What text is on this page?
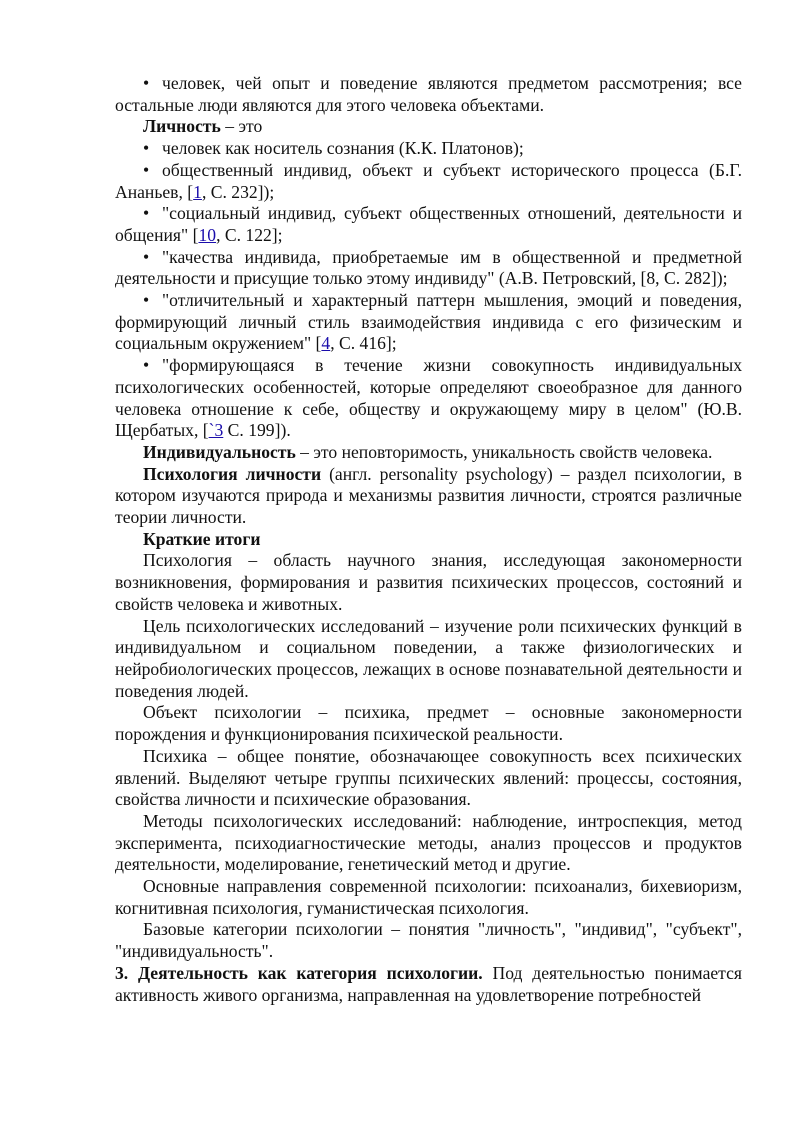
• человек, чей опыт и поведение являются предметом рассмотрения; все остальные люди являются для этого человека объектами.

Личность – это

• человек как носитель сознания (К.К. Платонов);

• общественный индивид, объект и субъект исторического процесса (Б.Г. Ананьев, [1, С. 232]);

• "социальный индивид, субъект общественных отношений, деятельности и общения" [10, С. 122];

• "качества индивида, приобретаемые им в общественной и предметной деятельности и присущие только этому индивиду" (А.В. Петровский, [8, С. 282]);

• "отличительный и характерный паттерн мышления, эмоций и поведения, формирующий личный стиль взаимодействия индивида с его физическим и социальным окружением" [4, С. 416];

• "формирующаяся в течение жизни совокупность индивидуальных психологических особенностей, которые определяют своеобразное для данного человека отношение к себе, обществу и окружающему миру в целом" (Ю.В. Щербатых, [`3 С. 199]).

Индивидуальность – это неповторимость, уникальность свойств человека.

Психология личности (англ. personality psychology) – раздел психологии, в котором изучаются природа и механизмы развития личности, строятся различные теории личности.

Краткие итоги

Психология – область научного знания, исследующая закономерности возникновения, формирования и развития психических процессов, состояний и свойств человека и животных.

Цель психологических исследований – изучение роли психических функций в индивидуальном и социальном поведении, а также физиологических и нейробиологических процессов, лежащих в основе познавательной деятельности и поведения людей.

Объект психологии – психика, предмет – основные закономерности порождения и функционирования психической реальности.

Психика – общее понятие, обозначающее совокупность всех психических явлений. Выделяют четыре группы психических явлений: процессы, состояния, свойства личности и психические образования.

Методы психологических исследований: наблюдение, интроспекция, метод эксперимента, психодиагностические методы, анализ процессов и продуктов деятельности, моделирование, генетический метод и другие.

Основные направления современной психологии: психоанализ, бихевиоризм, когнитивная психология, гуманистическая психология.

Базовые категории психологии – понятия "личность", "индивид", "субъект", "индивидуальность".

3. Деятельность как категория психологии. Под деятельностью понимается активность живого организма, направленная на удовлетворение потребностей
